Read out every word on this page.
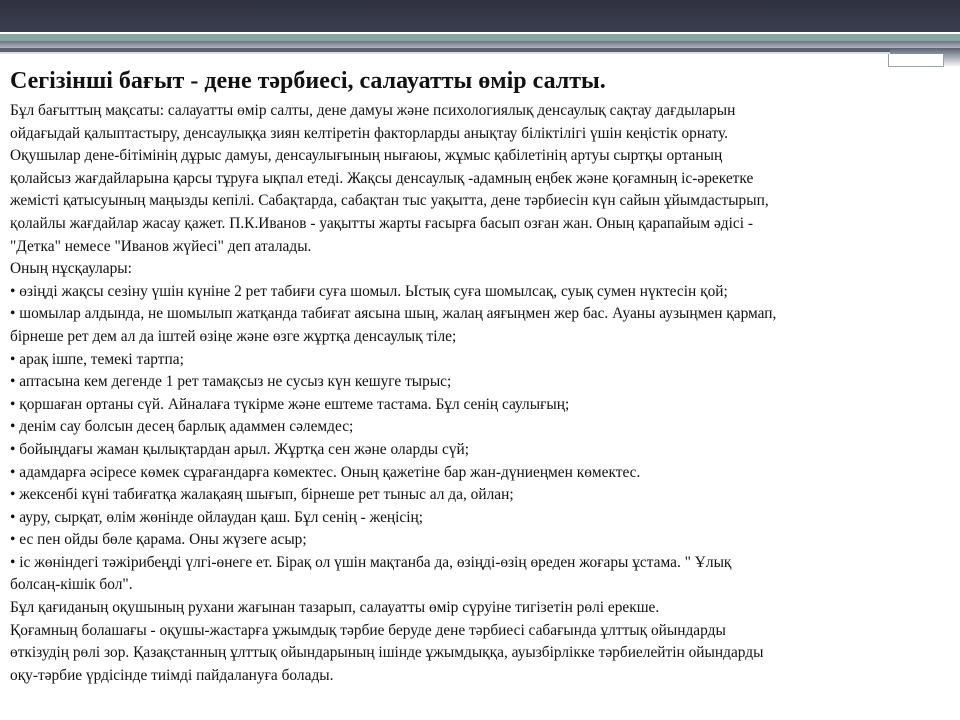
Сегізінші бағыт - дене тәрбиесі, салауатты өмір салты.
Бұл бағыттың мақсаты: салауатты өмір салты, дене дамуы және психологиялық денсаулық сақтау дағдыларын
ойдағыдай қалыптастыру, денсаулыққа зиян келтіретін факторларды анықтау біліктілігі үшін кеңістік орнату.
Оқушылар дене-бітімінің дұрыс дамуы, денсаулығының нығаюы, жұмыс қабілетінің артуы сыртқы ортаның
қолайсыз жағдайларына қарсы тұруға ықпал етеді. Жақсы денсаулық -адамның еңбек және қоғамның іс-әрекетке
жемісті қатысуының маңызды кепілі. Сабақтарда, сабақтан тыс уақытта, дене тәрбиесін күн сайын ұйымдастырып,
қолайлы жағдайлар жасау қажет. П.К.Иванов - уақытты жарты ғасырға басып озған жан. Оның қарапайым әдісі -
"Детка" немесе "Иванов жүйесі" деп аталады.
Оның нұсқаулары:
• өзіңді жақсы сезіну үшін күніне 2 рет табиғи суға шомыл. Ыстық суға шомылсақ, суық сумен нүктесін қой;
• шомылар алдында, не шомылып жатқанда табиғат аясына шың, жалаң аяғыңмен жер бас. Ауаны аузыңмен қармап,
бірнеше рет дем ал да іштей өзіңе және өзге жұртқа денсаулық тіле;
• арақ ішпе, темекі тартпа;
• аптасына кем дегенде 1 рет тамақсыз не сусыз күн кешуге тырыс;
• қоршаған ортаны сүй. Айналаға түкірме және ештеме тастама. Бұл сенің саулығың;
• денім сау болсын десең барлық адаммен сәлемдес;
• бойыңдағы жаман қылықтардан арыл. Жұртқа сен және оларды сүй;
• адамдарға әсіресе көмек сұрағандарға көмектес. Оның қажетіне бар жан-дүниеңмен көмектес.
• жексенбі күні табиғатқа жалақаяң шығып, бірнеше рет тыныс ал да, ойлан;
• ауру, сырқат, өлім жөнінде ойлаудан қаш. Бұл сенің - жеңісің;
• ес пен ойды бөле қарама. Оны жүзеге асыр;
• іс жөніндегі тәжірибеңді үлгі-өнеге ет. Бірақ ол үшін мақтанба да, өзіңді-өзің өреден жоғары ұстама. " Ұлық
болсаң-кішік бол".
Бұл қағиданың оқушының рухани жағынан тазарып, салауатты өмір сүруіне тигізетін рөлі ерекше.
Қоғамның болашағы - оқушы-жастарға ұжымдық тәрбие беруде дене тәрбиесі сабағында ұлттық ойындарды
өткізудің рөлі зор. Қазақстанның ұлттық ойындарының ішінде ұжымдыққа, ауызбірлікке тәрбиелейтін ойындарды
оқу-тәрбие үрдісінде тиімді пайдалануға болады.
